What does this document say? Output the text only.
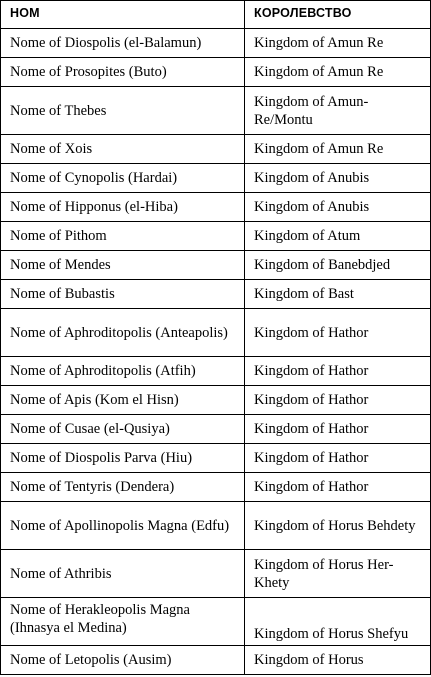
НОМ	КОРОЛЕВСТВО
Nome of Diospolis (el-Balamun)	Kingdom of Amun Re
Nome of Prosopites (Buto)	Kingdom of Amun Re
Nome of Thebes	Kingdom of Amun-Re/Montu
Nome of Xois	Kingdom of Amun Re
Nome of Cynopolis (Hardai)	Kingdom of Anubis
Nome of Hipponus (el-Hiba)	Kingdom of Anubis
Nome of Pithom	Kingdom of Atum
Nome of Mendes	Kingdom of Banebdjed
Nome of Bubastis	Kingdom of Bast
Nome of Aphroditopolis (Anteapolis)	Kingdom of Hathor
Nome of Aphroditopolis (Atfih)	Kingdom of Hathor
Nome of Apis (Kom el Hisn)	Kingdom of Hathor
Nome of Cusae (el-Qusiya)	Kingdom of Hathor
Nome of Diospolis Parva (Hiu)	Kingdom of Hathor
Nome of Tentyris (Dendera)	Kingdom of Hathor
Nome of Apollinopolis Magna (Edfu)	Kingdom of Horus Behdety
Nome of Athribis	Kingdom of Horus Her-Khety
Nome of Herakleopolis Magna (Ihnasya el Medina)	Kingdom of Horus Shefyu
Nome of Letopolis (Ausim)	Kingdom of Horus
